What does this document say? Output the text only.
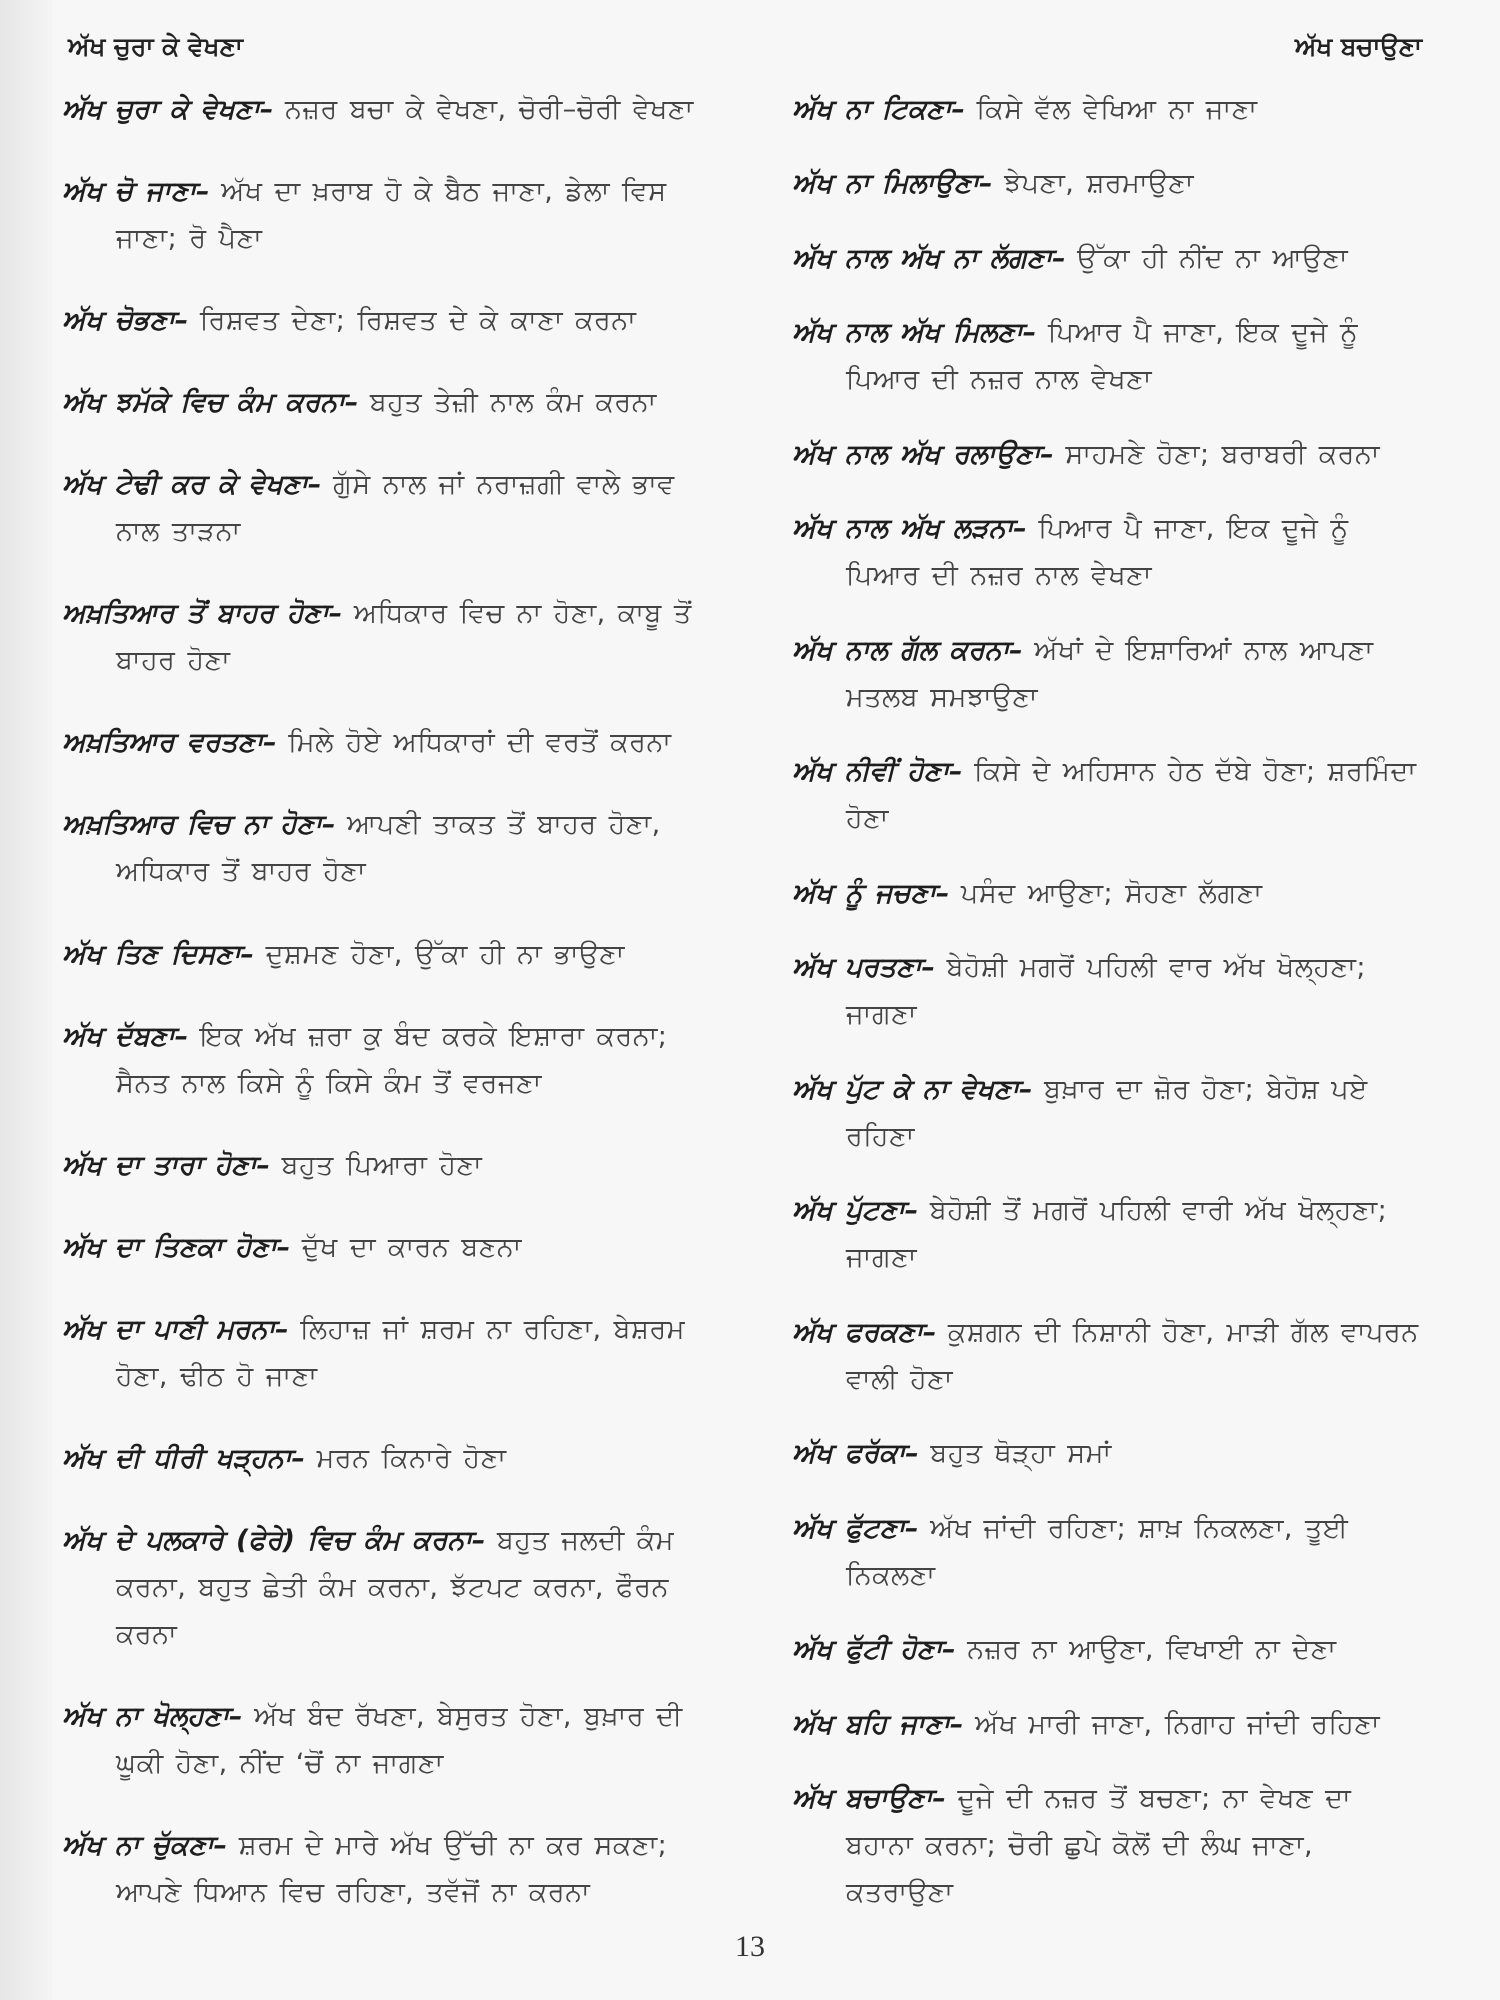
ਅੱਖ ਚੁਰਾ ਕੇ ਵੇਖਣਾ	ਅੱਖ ਬਚਾਉਣਾ
ਅੱਖ ਚੁਰਾ ਕੇ ਵੇਖਣਾ– ਨਜ਼ਰ ਬਚਾ ਕੇ ਵੇਖਣਾ, ਚੋਰੀ–ਚੋਰੀ ਵੇਖਣਾ
ਅੱਖ ਚੋ ਜਾਣਾ– ਅੱਖ ਦਾ ਖ਼ਰਾਬ ਹੋ ਕੇ ਬੈਠ ਜਾਣਾ, ਡੇਲਾ ਵਿਸ ਜਾਣਾ; ਰੋ ਪੈਣਾ
ਅੱਖ ਚੋਭਣਾ– ਰਿਸ਼ਵਤ ਦੇਣਾ; ਰਿਸ਼ਵਤ ਦੇ ਕੇ ਕਾਣਾ ਕਰਨਾ
ਅੱਖ ਝਮੱਕੇ ਵਿਚ ਕੰਮ ਕਰਨਾ– ਬਹੁਤ ਤੇਜ਼ੀ ਨਾਲ ਕੰਮ ਕਰਨਾ
ਅੱਖ ਟੇਢੀ ਕਰ ਕੇ ਵੇਖਣਾ– ਗੁੱਸੇ ਨਾਲ ਜਾਂ ਨਰਾਜ਼ਗੀ ਵਾਲੇ ਭਾਵ ਨਾਲ ਤਾੜਨਾ
ਅਖ਼ਤਿਆਰ ਤੋਂ ਬਾਹਰ ਹੋਣਾ– ਅਧਿਕਾਰ ਵਿਚ ਨਾ ਹੋਣਾ, ਕਾਬੂ ਤੋਂ ਬਾਹਰ ਹੋਣਾ
ਅਖ਼ਤਿਆਰ ਵਰਤਣਾ– ਮਿਲੇ ਹੋਏ ਅਧਿਕਾਰਾਂ ਦੀ ਵਰਤੋਂ ਕਰਨਾ
ਅਖ਼ਤਿਆਰ ਵਿਚ ਨਾ ਹੋਣਾ– ਆਪਣੀ ਤਾਕਤ ਤੋਂ ਬਾਹਰ ਹੋਣਾ, ਅਧਿਕਾਰ ਤੋਂ ਬਾਹਰ ਹੋਣਾ
ਅੱਖ ਤਿਣ ਦਿਸਣਾ– ਦੁਸ਼ਮਣ ਹੋਣਾ, ਉੱਕਾ ਹੀ ਨਾ ਭਾਉਣਾ
ਅੱਖ ਦੱਬਣਾ– ਇਕ ਅੱਖ ਜ਼ਰਾ ਕੁ ਬੰਦ ਕਰਕੇ ਇਸ਼ਾਰਾ ਕਰਨਾ; ਸੈਨਤ ਨਾਲ ਕਿਸੇ ਨੂੰ ਕਿਸੇ ਕੰਮ ਤੋਂ ਵਰਜਣਾ
ਅੱਖ ਦਾ ਤਾਰਾ ਹੋਣਾ– ਬਹੁਤ ਪਿਆਰਾ ਹੋਣਾ
ਅੱਖ ਦਾ ਤਿਣਕਾ ਹੋਣਾ– ਦੁੱਖ ਦਾ ਕਾਰਨ ਬਣਨਾ
ਅੱਖ ਦਾ ਪਾਣੀ ਮਰਨਾ– ਲਿਹਾਜ਼ ਜਾਂ ਸ਼ਰਮ ਨਾ ਰਹਿਣਾ, ਬੇਸ਼ਰਮ ਹੋਣਾ, ਢੀਠ ਹੋ ਜਾਣਾ
ਅੱਖ ਦੀ ਧੀਰੀ ਖੜ੍ਹਨਾ– ਮਰਨ ਕਿਨਾਰੇ ਹੋਣਾ
ਅੱਖ ਦੇ ਪਲਕਾਰੇ (ਫੇਰੇ) ਵਿਚ ਕੰਮ ਕਰਨਾ– ਬਹੁਤ ਜਲਦੀ ਕੰਮ ਕਰਨਾ, ਬਹੁਤ ਛੇਤੀ ਕੰਮ ਕਰਨਾ, ਝੱਟਪਟ ਕਰਨਾ, ਫੌਰਨ ਕਰਨਾ
ਅੱਖ ਨਾ ਖੋਲ੍ਹਣਾ– ਅੱਖ ਬੰਦ ਰੱਖਣਾ, ਬੇਸੁਰਤ ਹੋਣਾ, ਬੁਖ਼ਾਰ ਦੀ ਘੂਕੀ ਹੋਣਾ, ਨੀਂਦ ‘ਚੋਂ ਨਾ ਜਾਗਣਾ
ਅੱਖ ਨਾ ਚੁੱਕਣਾ– ਸ਼ਰਮ ਦੇ ਮਾਰੇ ਅੱਖ ਉੱਚੀ ਨਾ ਕਰ ਸਕਣਾ; ਆਪਣੇ ਧਿਆਨ ਵਿਚ ਰਹਿਣਾ, ਤਵੱਜੋਂ ਨਾ ਕਰਨਾ
ਅੱਖ ਨਾ ਟਿਕਣਾ– ਕਿਸੇ ਵੱਲ ਵੇਖਿਆ ਨਾ ਜਾਣਾ
ਅੱਖ ਨਾ ਮਿਲਾਉਣਾ– ਝੇਪਣਾ, ਸ਼ਰਮਾਉਣਾ
ਅੱਖ ਨਾਲ ਅੱਖ ਨਾ ਲੱਗਣਾ– ਉੱਕਾ ਹੀ ਨੀਂਦ ਨਾ ਆਉਣਾ
ਅੱਖ ਨਾਲ ਅੱਖ ਮਿਲਣਾ– ਪਿਆਰ ਪੈ ਜਾਣਾ, ਇਕ ਦੂਜੇ ਨੂੰ ਪਿਆਰ ਦੀ ਨਜ਼ਰ ਨਾਲ ਵੇਖਣਾ
ਅੱਖ ਨਾਲ ਅੱਖ ਰਲਾਉਣਾ– ਸਾਹਮਣੇ ਹੋਣਾ; ਬਰਾਬਰੀ ਕਰਨਾ
ਅੱਖ ਨਾਲ ਅੱਖ ਲੜਨਾ– ਪਿਆਰ ਪੈ ਜਾਣਾ, ਇਕ ਦੂਜੇ ਨੂੰ ਪਿਆਰ ਦੀ ਨਜ਼ਰ ਨਾਲ ਵੇਖਣਾ
ਅੱਖ ਨਾਲ ਗੱਲ ਕਰਨਾ– ਅੱਖਾਂ ਦੇ ਇਸ਼ਾਰਿਆਂ ਨਾਲ ਆਪਣਾ ਮਤਲਬ ਸਮਝਾਉਣਾ
ਅੱਖ ਨੀਵੀਂ ਹੋਣਾ– ਕਿਸੇ ਦੇ ਅਹਿਸਾਨ ਹੇਠ ਦੱਬੇ ਹੋਣਾ; ਸ਼ਰਮਿੰਦਾ ਹੋਣਾ
ਅੱਖ ਨੂੰ ਜਚਣਾ– ਪਸੰਦ ਆਉਣਾ; ਸੋਹਣਾ ਲੱਗਣਾ
ਅੱਖ ਪਰਤਣਾ– ਬੇਹੋਸ਼ੀ ਮਗਰੋਂ ਪਹਿਲੀ ਵਾਰ ਅੱਖ ਖੋਲ੍ਹਣਾ; ਜਾਗਣਾ
ਅੱਖ ਪੁੱਟ ਕੇ ਨਾ ਵੇਖਣਾ– ਬੁਖ਼ਾਰ ਦਾ ਜ਼ੋਰ ਹੋਣਾ; ਬੇਹੋਸ਼ ਪਏ ਰਹਿਣਾ
ਅੱਖ ਪੁੱਟਣਾ– ਬੇਹੋਸ਼ੀ ਤੋਂ ਮਗਰੋਂ ਪਹਿਲੀ ਵਾਰੀ ਅੱਖ ਖੋਲ੍ਹਣਾ; ਜਾਗਣਾ
ਅੱਖ ਫਰਕਣਾ– ਕੁਸ਼ਗਨ ਦੀ ਨਿਸ਼ਾਨੀ ਹੋਣਾ, ਮਾੜੀ ਗੱਲ ਵਾਪਰਨ ਵਾਲੀ ਹੋਣਾ
ਅੱਖ ਫਰੱਕਾ– ਬਹੁਤ ਥੋੜ੍ਹਾ ਸਮਾਂ
ਅੱਖ ਫੁੱਟਣਾ– ਅੱਖ ਜਾਂਦੀ ਰਹਿਣਾ; ਸ਼ਾਖ਼ ਨਿਕਲਣਾ, ਤੂਈ ਨਿਕਲਣਾ
ਅੱਖ ਫੁੱਟੀ ਹੋਣਾ– ਨਜ਼ਰ ਨਾ ਆਉਣਾ, ਵਿਖਾਈ ਨਾ ਦੇਣਾ
ਅੱਖ ਬਹਿ ਜਾਣਾ– ਅੱਖ ਮਾਰੀ ਜਾਣਾ, ਨਿਗਾਹ ਜਾਂਦੀ ਰਹਿਣਾ
ਅੱਖ ਬਚਾਉਣਾ– ਦੂਜੇ ਦੀ ਨਜ਼ਰ ਤੋਂ ਬਚਣਾ; ਨਾ ਵੇਖਣ ਦਾ ਬਹਾਨਾ ਕਰਨਾ; ਚੋਰੀ ਛੁਪੇ ਕੋਲੋਂ ਦੀ ਲੰਘ ਜਾਣਾ, ਕਤਰਾਉਣਾ
13
